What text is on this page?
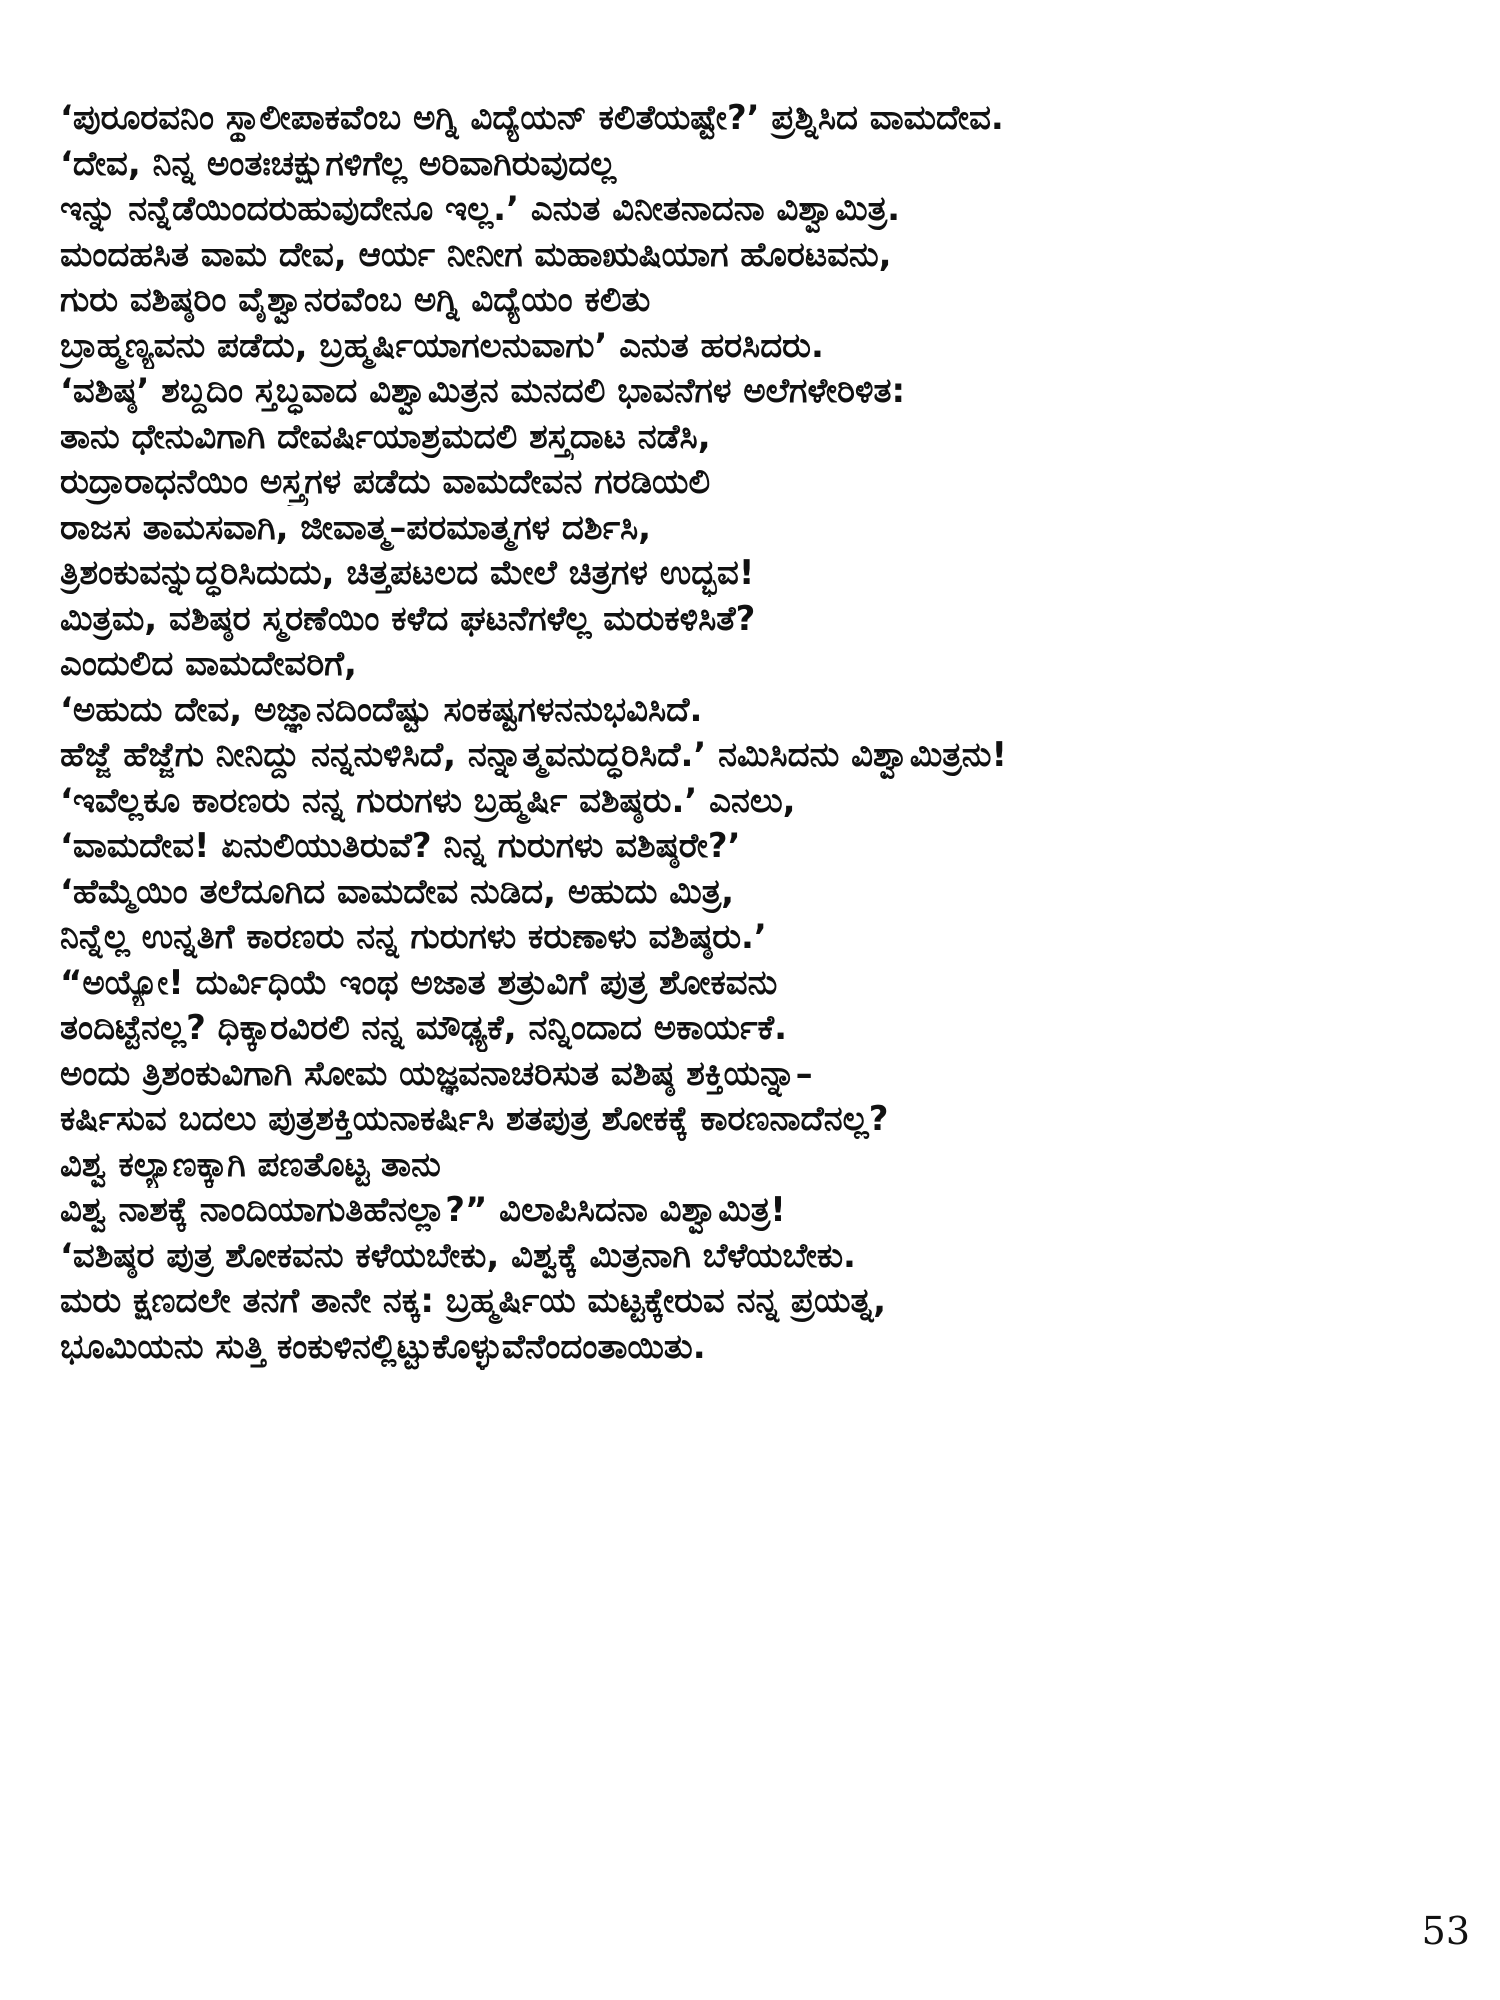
‘ಪುರೂರವನಿಂ ಸ್ಥಾಲೀಪಾಕವೆಂಬ ಅಗ್ನಿ ವಿದ್ಯೆಯನ್ ಕಲಿತೆಯಷ್ಟೇ?’ ಪ್ರಶ್ನಿಸಿದ ವಾಮದೇವ.
‘ದೇವ, ನಿನ್ನ ಅಂತಃಚಕ್ಷುಗಳಿಗೆಲ್ಲ ಅರಿವಾಗಿರುವುದಲ್ಲ
ಇನ್ನು ನನ್ನೆಡೆಯಿಂದರುಹುವುದೇನೂ ಇಲ್ಲ.’ ಎನುತ ವಿನೀತನಾದನಾ ವಿಶ್ವಾಮಿತ್ರ.
ಮಂದಹಸಿತ ವಾಮ ದೇವ, ಆರ್ಯ ನೀನೀಗ ಮಹಾಋಷಿಯಾಗ ಹೊರಟವನು,
ಗುರು ವಶಿಷ್ಠರಿಂ ವೈಶ್ವಾನರವೆಂಬ ಅಗ್ನಿ ವಿದ್ಯೆಯಂ ಕಲಿತು
ಬ್ರಾಹ್ಮಣ್ಯವನು ಪಡೆದು, ಬ್ರಹ್ಮರ್ಷಿಯಾಗಲನುವಾಗು’ ಎನುತ ಹರಸಿದರು.
‘ವಶಿಷ್ಠ’ ಶಬ್ದದಿಂ ಸ್ತಬ್ಧವಾದ ವಿಶ್ವಾಮಿತ್ರನ ಮನದಲಿ ಭಾವನೆಗಳ ಅಲೆಗಳೇರಿಳಿತ:
ತಾನು ಧೇನುವಿಗಾಗಿ ದೇವರ್ಷಿಯಾಶ್ರಮದಲಿ ಶಸ್ತ್ರದಾಟ ನಡೆಸಿ,
ರುದ್ರಾರಾಧನೆಯಿಂ ಅಸ್ತ್ರಗಳ ಪಡೆದು ವಾಮದೇವನ ಗರಡಿಯಲಿ
ರಾಜಸ ತಾಮಸವಾಗಿ, ಜೀವಾತ್ಮ–ಪರಮಾತ್ಮಗಳ ದರ್ಶಿಸಿ,
ತ್ರಿಶಂಕುವನ್ನುದ್ಧರಿಸಿದುದು, ಚಿತ್ತಪಟಲದ ಮೇಲೆ ಚಿತ್ರಗಳ ಉದ್ಭವ!
ಮಿತ್ರಮ, ವಶಿಷ್ಠರ ಸ್ಮರಣೆಯಿಂ ಕಳೆದ ಘಟನೆಗಳೆಲ್ಲ ಮರುಕಳಿಸಿತೆ?
ಎಂದುಲಿದ ವಾಮದೇವರಿಗೆ,
‘ಅಹುದು ದೇವ, ಅಜ್ಞಾನದಿಂದೆಷ್ಟು ಸಂಕಷ್ಟಗಳನನುಭವಿಸಿದೆ.
ಹೆಜ್ಜೆ ಹೆಜ್ಜೆಗು ನೀನಿದ್ದು ನನ್ನನುಳಿಸಿದೆ, ನನ್ನಾತ್ಮವನುದ್ಧರಿಸಿದೆ.’ ನಮಿಸಿದನು ವಿಶ್ವಾಮಿತ್ರನು!
‘ಇವೆಲ್ಲಕೂ ಕಾರಣರು ನನ್ನ ಗುರುಗಳು ಬ್ರಹ್ಮರ್ಷಿ ವಶಿಷ್ಠರು.’ ಎನಲು,
‘ವಾಮದೇವ! ಏನುಲಿಯುತಿರುವೆ? ನಿನ್ನ ಗುರುಗಳು ವಶಿಷ್ಠರೇ?’
‘ಹೆಮ್ಮೆಯಿಂ ತಲೆದೂಗಿದ ವಾಮದೇವ ನುಡಿದ, ಅಹುದು ಮಿತ್ರ,
ನಿನ್ನೆಲ್ಲ ಉನ್ನತಿಗೆ ಕಾರಣರು ನನ್ನ ಗುರುಗಳು ಕರುಣಾಳು ವಶಿಷ್ಠರು.’
“ಅಯ್ಯೋ! ದುರ್ವಿಧಿಯೆ ಇಂಥ ಅಜಾತ ಶತ್ರುವಿಗೆ ಪುತ್ರ ಶೋಕವನು
ತಂದಿಟ್ಟೆನಲ್ಲ? ಧಿಕ್ಕಾರವಿರಲಿ ನನ್ನ ಮೌಢ್ಯಕೆ, ನನ್ನಿಂದಾದ ಅಕಾರ್ಯಕೆ.
ಅಂದು ತ್ರಿಶಂಕುವಿಗಾಗಿ ಸೋಮ ಯಜ್ಞವನಾಚರಿಸುತ ವಶಿಷ್ಠ ಶಕ್ತಿಯನ್ನಾ–
ಕರ್ಷಿಸುವ ಬದಲು ಪುತ್ರಶಕ್ತಿಯನಾಕರ್ಷಿಸಿ ಶತಪುತ್ರ ಶೋಕಕ್ಕೆ ಕಾರಣನಾದೆನಲ್ಲ?
ವಿಶ್ವ ಕಲ್ಯಾಣಕ್ಕಾಗಿ ಪಣತೊಟ್ಟ ತಾನು
ವಿಶ್ವ ನಾಶಕ್ಕೆ ನಾಂದಿಯಾಗುತಿಹೆನಲ್ಲಾ?” ವಿಲಾಪಿಸಿದನಾ ವಿಶ್ವಾಮಿತ್ರ!
‘ವಶಿಷ್ಠರ ಪುತ್ರ ಶೋಕವನು ಕಳೆಯಬೇಕು, ವಿಶ್ವಕ್ಕೆ ಮಿತ್ರನಾಗಿ ಬೆಳೆಯಬೇಕು.
ಮರು ಕ್ಷಣದಲೇ ತನಗೆ ತಾನೇ ನಕ್ಕ: ಬ್ರಹ್ಮರ್ಷಿಯ ಮಟ್ಟಕ್ಕೇರುವ ನನ್ನ ಪ್ರಯತ್ನ,
ಭೂಮಿಯನು ಸುತ್ತಿ ಕಂಕುಳಿನಲ್ಲಿಟ್ಟುಕೊಳ್ಳುವೆನೆಂದಂತಾಯಿತು.
53
